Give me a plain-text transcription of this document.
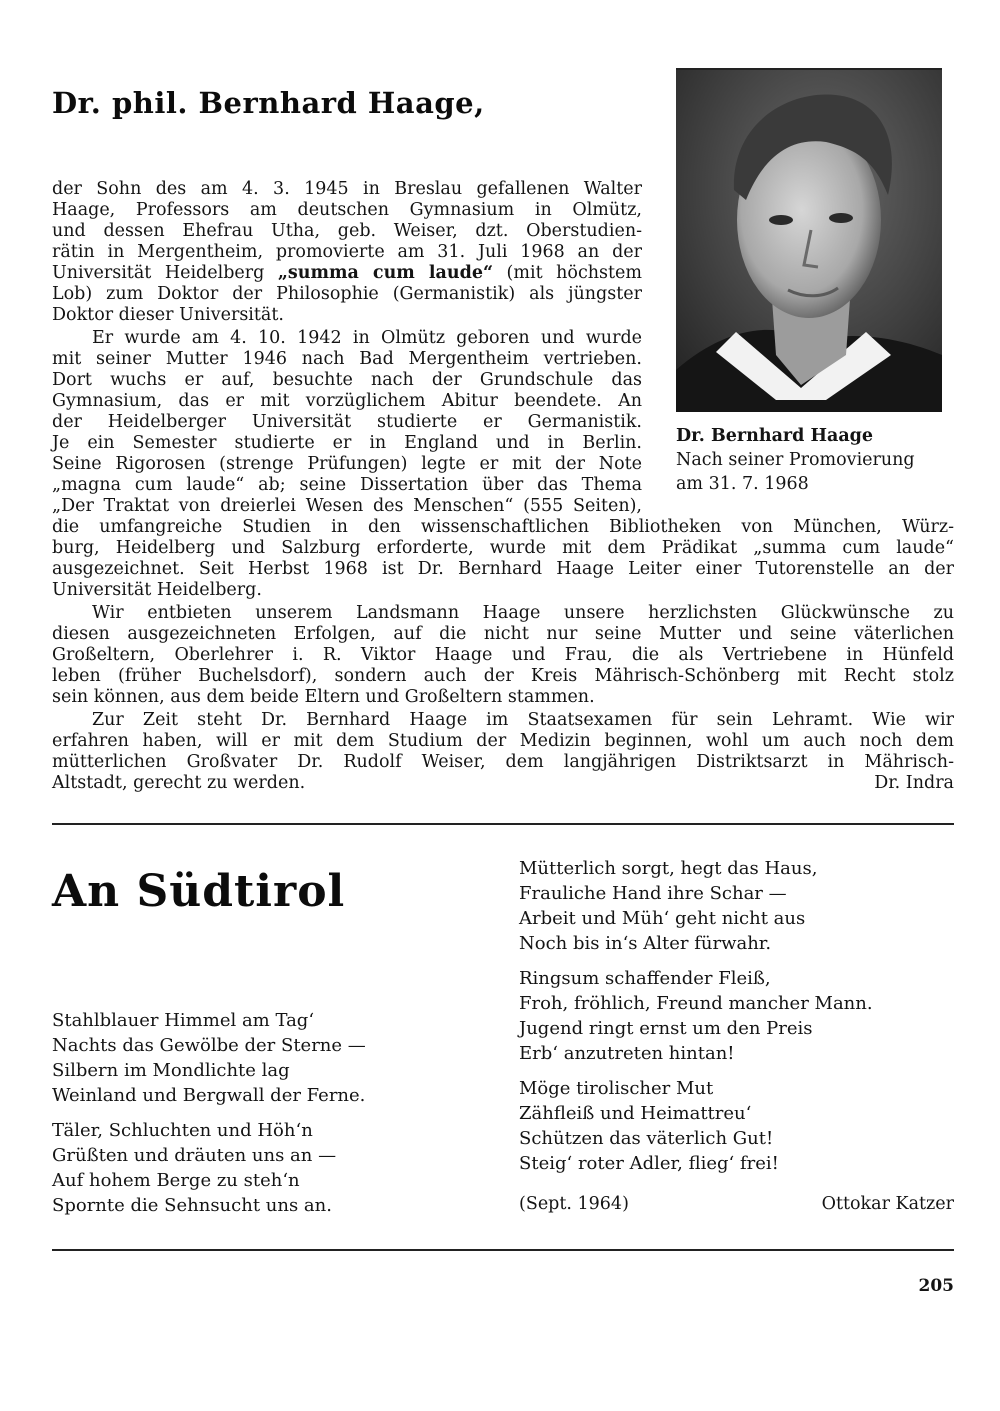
Dr. phil. Bernhard Haage,
Dr. Bernhard Haage
Nach seiner Promovierung
am 31. 7. 1968
der Sohn des am 4. 3. 1945 in Breslau gefallenen Walter
Haage, Professors am deutschen Gymnasium in Olmütz,
und dessen Ehefrau Utha, geb. Weiser, dzt. Oberstudien-
rätin in Mergentheim, promovierte am 31. Juli 1968 an der
Universität Heidelberg „summa cum laude“ (mit höchstem
Lob) zum Doktor der Philosophie (Germanistik) als jüngster
Doktor dieser Universität.
Er wurde am 4. 10. 1942 in Olmütz geboren und wurde
mit seiner Mutter 1946 nach Bad Mergentheim vertrieben.
Dort wuchs er auf, besuchte nach der Grundschule das
Gymnasium, das er mit vorzüglichem Abitur beendete. An
der Heidelberger Universität studierte er Germanistik.
Je ein Semester studierte er in England und in Berlin.
Seine Rigorosen (strenge Prüfungen) legte er mit der Note
„magna cum laude“ ab; seine Dissertation über das Thema
„Der Traktat von dreierlei Wesen des Menschen“ (555 Seiten),
die umfangreiche Studien in den wissenschaftlichen Bibliotheken von München, Würz-
burg, Heidelberg und Salzburg erforderte, wurde mit dem Prädikat „summa cum laude“
ausgezeichnet. Seit Herbst 1968 ist Dr. Bernhard Haage Leiter einer Tutorenstelle an der
Universität Heidelberg.
Wir entbieten unserem Landsmann Haage unsere herzlichsten Glückwünsche zu
diesen ausgezeichneten Erfolgen, auf die nicht nur seine Mutter und seine väterlichen
Großeltern, Oberlehrer i. R. Viktor Haage und Frau, die als Vertriebene in Hünfeld
leben (früher Buchelsdorf), sondern auch der Kreis Mährisch-Schönberg mit Recht stolz
sein können, aus dem beide Eltern und Großeltern stammen.
Zur Zeit steht Dr. Bernhard Haage im Staatsexamen für sein Lehramt. Wie wir
erfahren haben, will er mit dem Studium der Medizin beginnen, wohl um auch noch dem
mütterlichen Großvater Dr. Rudolf Weiser, dem langjährigen Distriktsarzt in Mährisch-
Altstadt, gerecht zu werden.	Dr. Indra
An Südtirol
Stahlblauer Himmel am Tag‘
Nachts das Gewölbe der Sterne —
Silbern im Mondlichte lag
Weinland und Bergwall der Ferne.
Täler, Schluchten und Höh‘n
Grüßten und dräuten uns an —
Auf hohem Berge zu steh‘n
Spornte die Sehnsucht uns an.
Mütterlich sorgt, hegt das Haus,
Frauliche Hand ihre Schar —
Arbeit und Müh‘ geht nicht aus
Noch bis in‘s Alter fürwahr.
Ringsum schaffender Fleiß,
Froh, fröhlich, Freund mancher Mann.
Jugend ringt ernst um den Preis
Erb‘ anzutreten hintan!
Möge tirolischer Mut
Zähfleiß und Heimattreu‘
Schützen das väterlich Gut!
Steig‘ roter Adler, flieg‘ frei!
(Sept. 1964)	Ottokar Katzer
205
